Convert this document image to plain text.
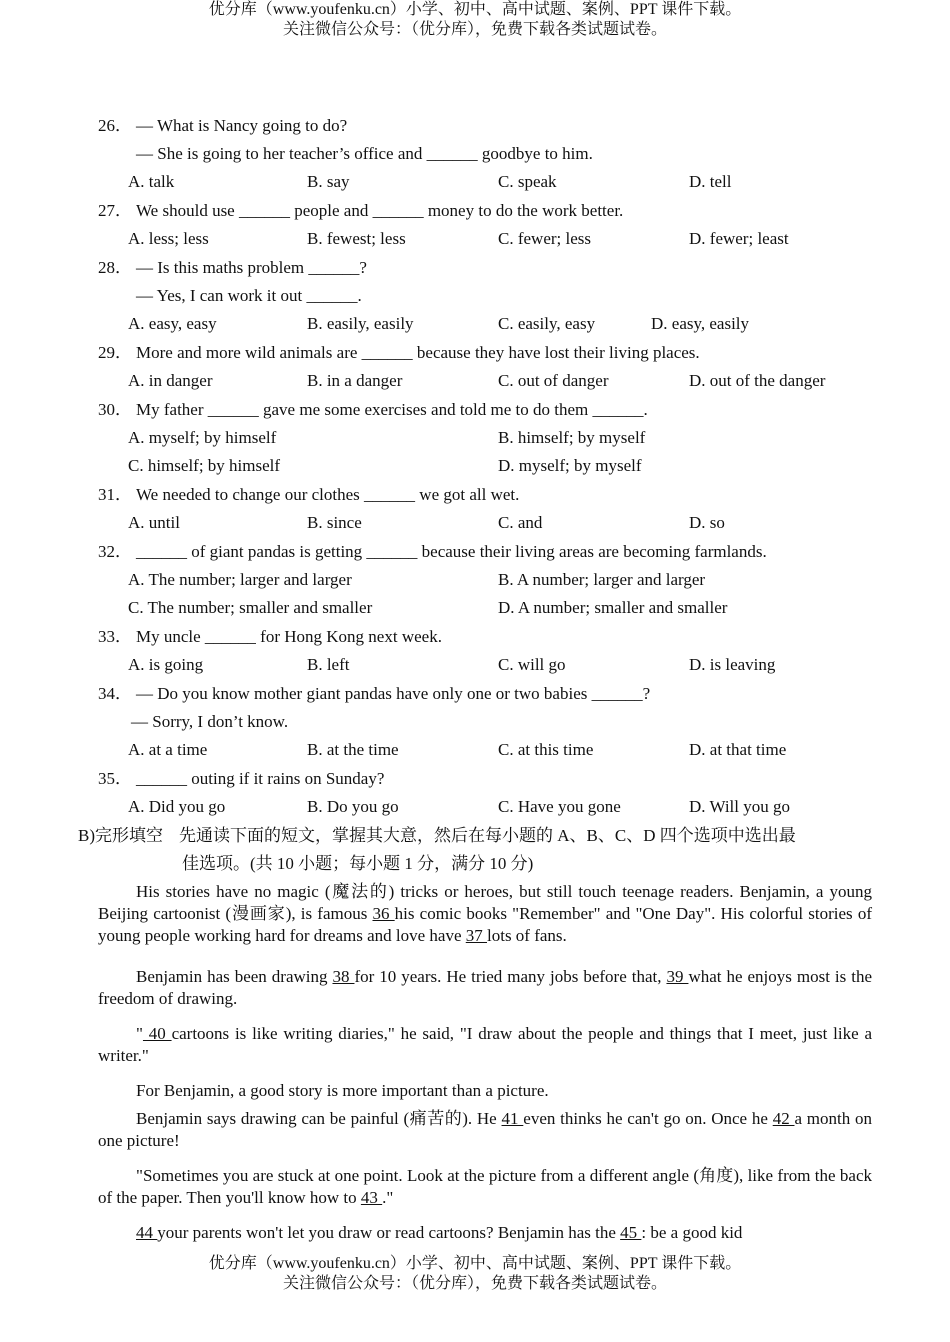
优分库（www.youfenku.cn）小学、初中、高中试题、案例、PPT 课件下载。
关注微信公众号：（优分库），免费下载各类试题试卷。
26． — What is Nancy going to do?
— She is going to her teacher’s office and ______ goodbye to him.
A. talk	B. say	C. speak	D. tell
27． We should use ______ people and ______ money to do the work better.
A. less; less	B. fewest; less	C. fewer; less	D. fewer; least
28． — Is this maths problem ______?
— Yes, I can work it out ______.
A. easy, easy	B. easily, easily	C. easily, easy	D. easy, easily
29． More and more wild animals are ______ because they have lost their living places.
A. in danger	B. in a danger	C. out of danger	D. out of the danger
30． My father ______ gave me some exercises and told me to do them ______.
A. myself; by himself	B. himself; by myself
C. himself; by himself	D. myself; by myself
31． We needed to change our clothes ______ we got all wet.
A. until	B. since	C. and	D. so
32． ______ of giant pandas is getting ______ because their living areas are becoming farmlands.
A. The number; larger and larger	B. A number; larger and larger
C. The number; smaller and smaller	D. A number; smaller and smaller
33． My uncle ______ for Hong Kong next week.
A. is going	B. left	C. will go	D. is leaving
34． — Do you know mother giant pandas have only one or two babies ______?
— Sorry, I don’t know.
A. at a time	B. at the time	C. at this time	D. at that time
35． ______ outing if it rains on Sunday?
A. Did you go	B. Do you go	C. Have you gone	D. Will you go
B)完形填空 先通读下面的短文，掌握其大意，然后在每小题的 A、B、C、D 四个选项中选出最
佳选项。(共 10 小题；每小题 1 分，满分 10 分)
His stories have no magic (魔法的) tricks or heroes, but still touch teenage readers. Benjamin, a young Beijing cartoonist (漫画家), is famous 36 his comic books "Remember" and "One Day". His colorful stories of young people working hard for dreams and love have 37 lots of fans.
Benjamin has been drawing 38 for 10 years. He tried many jobs before that, 39 what he enjoys most is the freedom of drawing.
" 40 cartoons is like writing diaries," he said, "I draw about the people and things that I meet, just like a writer."
For Benjamin, a good story is more important than a picture.
Benjamin says drawing can be painful (痛苦的). He 41 even thinks he can't go on. Once he 42 a month on one picture!
"Sometimes you are stuck at one point. Look at the picture from a different angle (角度), like from the back of the paper. Then you'll know how to 43 ."
44 your parents won't let you draw or read cartoons? Benjamin has the 45 : be a good kid
优分库（www.youfenku.cn）小学、初中、高中试题、案例、PPT 课件下载。
关注微信公众号：（优分库），免费下载各类试题试卷。
